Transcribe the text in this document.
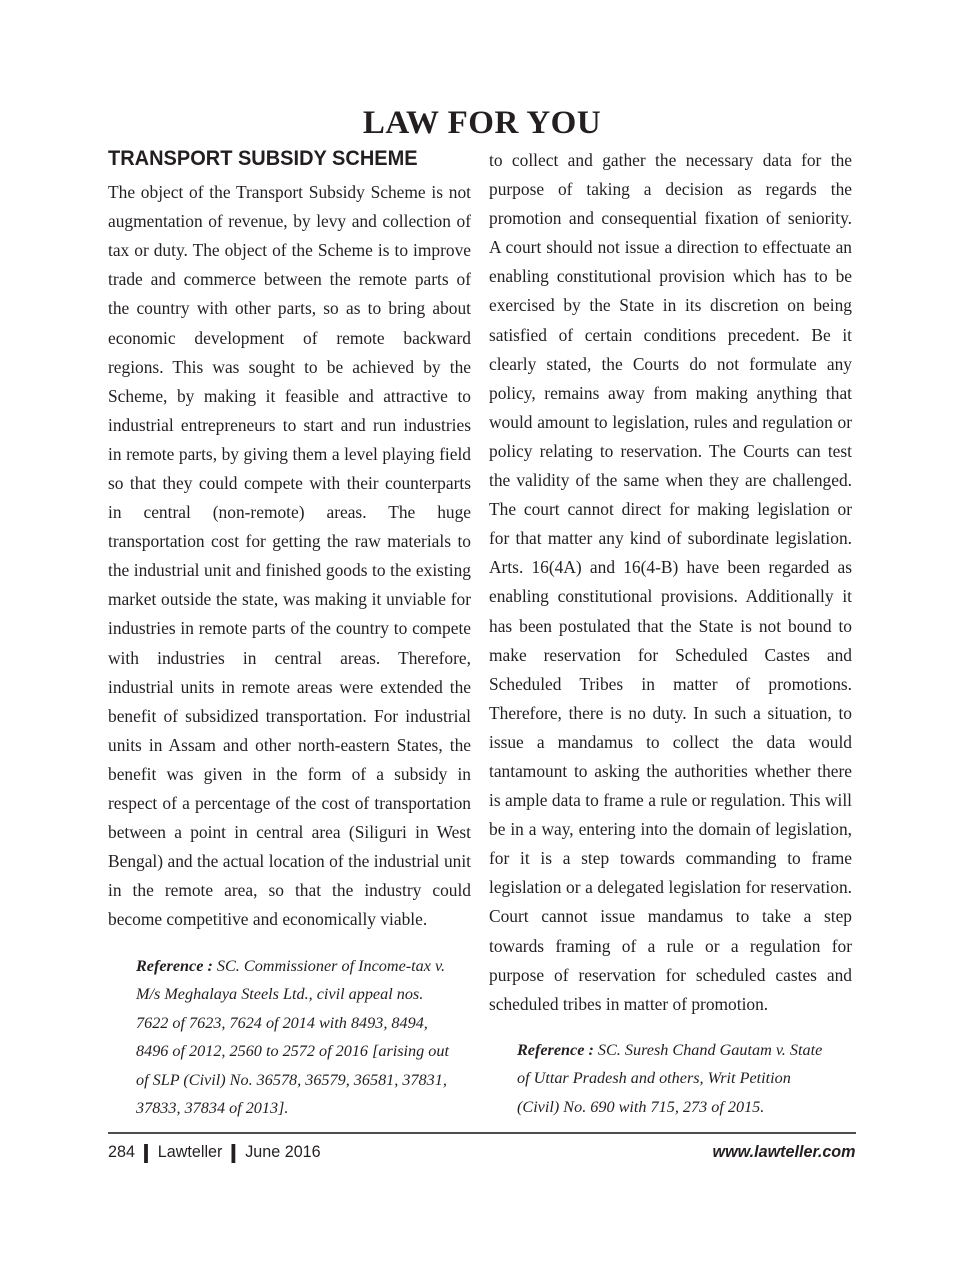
LAW FOR YOU
TRANSPORT SUBSIDY SCHEME

The object of the Transport Subsidy Scheme is not augmentation of revenue, by levy and collection of tax or duty. The object of the Scheme is to improve trade and commerce between the remote parts of the country with other parts, so as to bring about economic development of remote backward regions. This was sought to be achieved by the Scheme, by making it feasible and attractive to industrial entrepreneurs to start and run industries in remote parts, by giving them a level playing field so that they could compete with their counterparts in central (non-remote) areas. The huge transportation cost for getting the raw materials to the industrial unit and finished goods to the existing market outside the state, was making it unviable for industries in remote parts of the country to compete with industries in central areas. Therefore, industrial units in remote areas were extended the benefit of subsidized transportation. For industrial units in Assam and other north-eastern States, the benefit was given in the form of a subsidy in respect of a percentage of the cost of transportation between a point in central area (Siliguri in West Bengal) and the actual location of the industrial unit in the remote area, so that the industry could become competitive and economically viable.

Reference : SC. Commissioner of Income-tax v. M/s Meghalaya Steels Ltd., civil appeal nos. 7622 of 7623, 7624 of 2014 with 8493, 8494, 8496 of 2012, 2560 to 2572 of 2016 [arising out of SLP (Civil) No. 36578, 36579, 36581, 37831, 37833, 37834 of 2013].

to collect and gather the necessary data for the purpose of taking a decision as regards the promotion and consequential fixation of seniority. A court should not issue a direction to effectuate an enabling constitutional provision which has to be exercised by the State in its discretion on being satisfied of certain conditions precedent. Be it clearly stated, the Courts do not formulate any policy, remains away from making anything that would amount to legislation, rules and regulation or policy relating to reservation. The Courts can test the validity of the same when they are challenged. The court cannot direct for making legislation or for that matter any kind of subordinate legislation. Arts. 16(4A) and 16(4-B) have been regarded as enabling constitutional provisions. Additionally it has been postulated that the State is not bound to make reservation for Scheduled Castes and Scheduled Tribes in matter of promotions. Therefore, there is no duty. In such a situation, to issue a mandamus to collect the data would tantamount to asking the authorities whether there is ample data to frame a rule or regulation. This will be in a way, entering into the domain of legislation, for it is a step towards commanding to frame legislation or a delegated legislation for reservation. Court cannot issue mandamus to take a step towards framing of a rule or a regulation for purpose of reservation for scheduled castes and scheduled tribes in matter of promotion.

Reference : SC. Suresh Chand Gautam v. State of Uttar Pradesh and others, Writ Petition (Civil) No. 690 with 715, 273 of 2015.

284 Lawteller June 2016	www.lawteller.com
